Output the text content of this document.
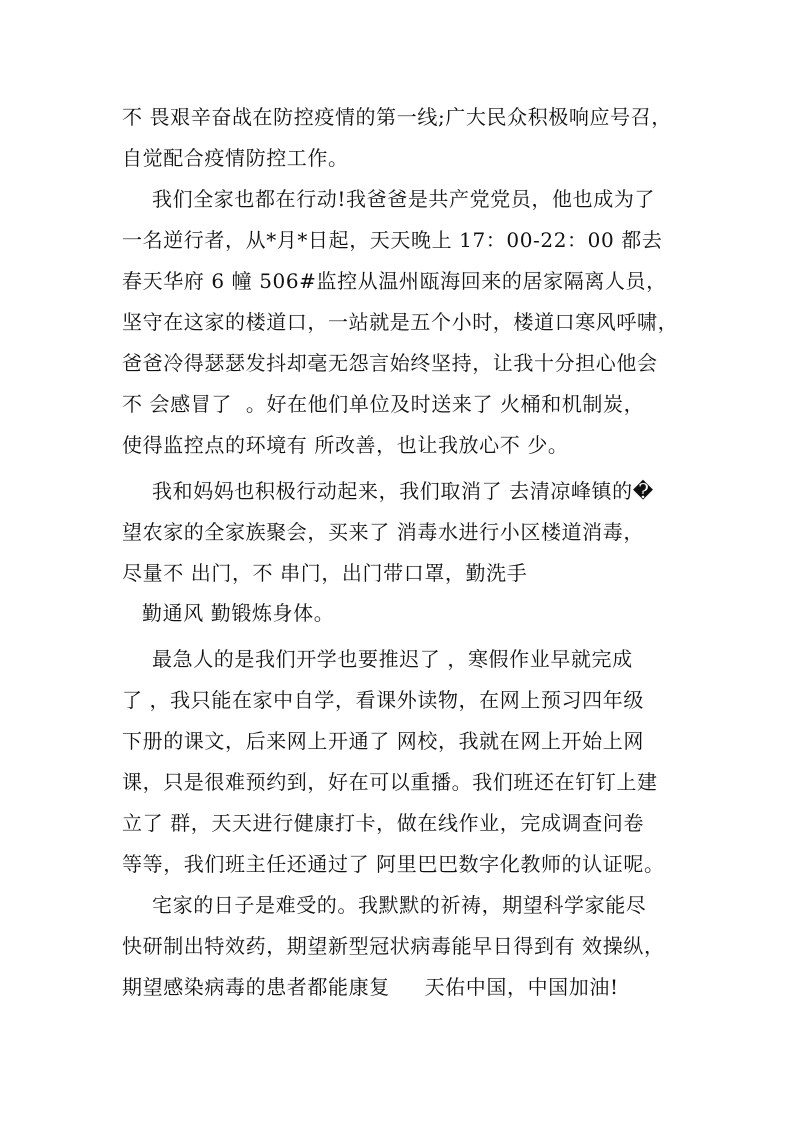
不 畏艰辛奋战在防控疫情的第一线;广大民众积极响应号召，
自觉配合疫情防控工作。
我们全家也都在行动!我爸爸是共产党党员，他也成为了
一名逆行者，从*月*日起，天天晚上 17：00-22：00 都去
春天华府 6 幢 506#监控从温州瓯海回来的居家隔离人员，
坚守在这家的楼道口，一站就是五个小时，楼道口寒风呼啸，
爸爸冷得瑟瑟发抖却毫无怨言始终坚持，让我十分担心他会
不 会感冒了  。好在他们单位及时送来了 火桶和机制炭，
使得监控点的环境有 所改善，也让我放心不 少。
我和妈妈也积极行动起来，我们取消了 去清凉峰镇的�
望农家的全家族聚会，买来了 消毒水进行小区楼道消毒，
尽量不 出门，不 串门，出门带口罩，勤洗手
勤通风 勤锻炼身体。
最急人的是我们开学也要推迟了 ，寒假作业早就完成
了 ，我只能在家中自学，看课外读物，在网上预习四年级
下册的课文，后来网上开通了 网校，我就在网上开始上网
课，只是很难预约到，好在可以重播。我们班还在钉钉上建
立了 群，天天进行健康打卡，做在线作业，完成调查问卷
等等，我们班主任还通过了 阿里巴巴数字化教师的认证呢。
宅家的日子是难受的。我默默的祈祷，期望科学家能尽
快研制出特效药，期望新型冠状病毒能早日得到有 效操纵，
期望感染病毒的患者都能康复     天佑中国，中国加油!
